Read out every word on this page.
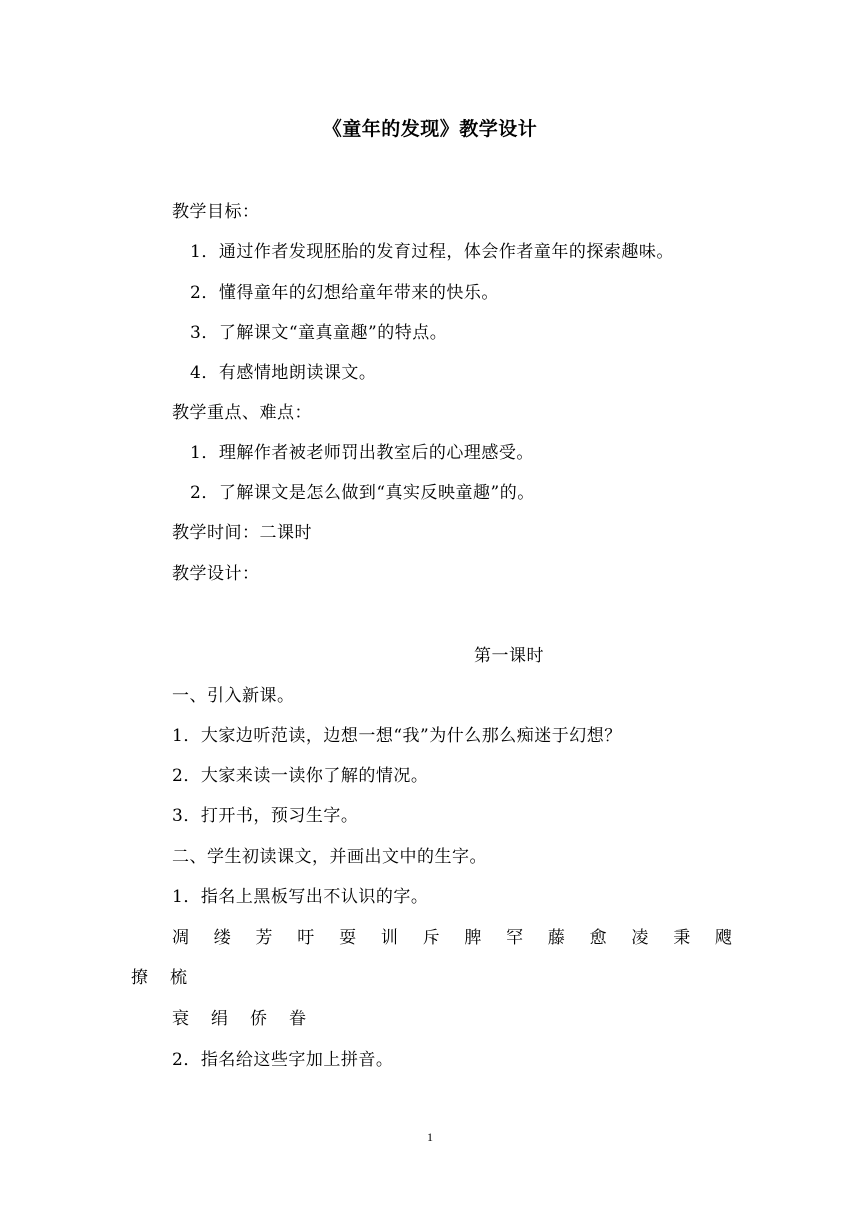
《童年的发现》教学设计
教学目标：
1．通过作者发现胚胎的发育过程，体会作者童年的探索趣味。
2．懂得童年的幻想给童年带来的快乐。
3．了解课文“童真童趣”的特点。
4．有感情地朗读课文。
教学重点、难点：
1．理解作者被老师罚出教室后的心理感受。
2．了解课文是怎么做到“真实反映童趣”的。
教学时间：二课时
教学设计：
第一课时
一、引入新课。
1．大家边听范读，边想一想“我”为什么那么痴迷于幻想？
2．大家来读一读你了解的情况。
3．打开书，预习生字。
二、学生初读课文，并画出文中的生字。
1．指名上黑板写出不认识的字。
凋 缕 芳 吁 耍 训 斥 脾 罕 藤 愈 凌 秉 飕
撩 梳
衰 绢 侨 眷
2．指名给这些字加上拼音。
1
